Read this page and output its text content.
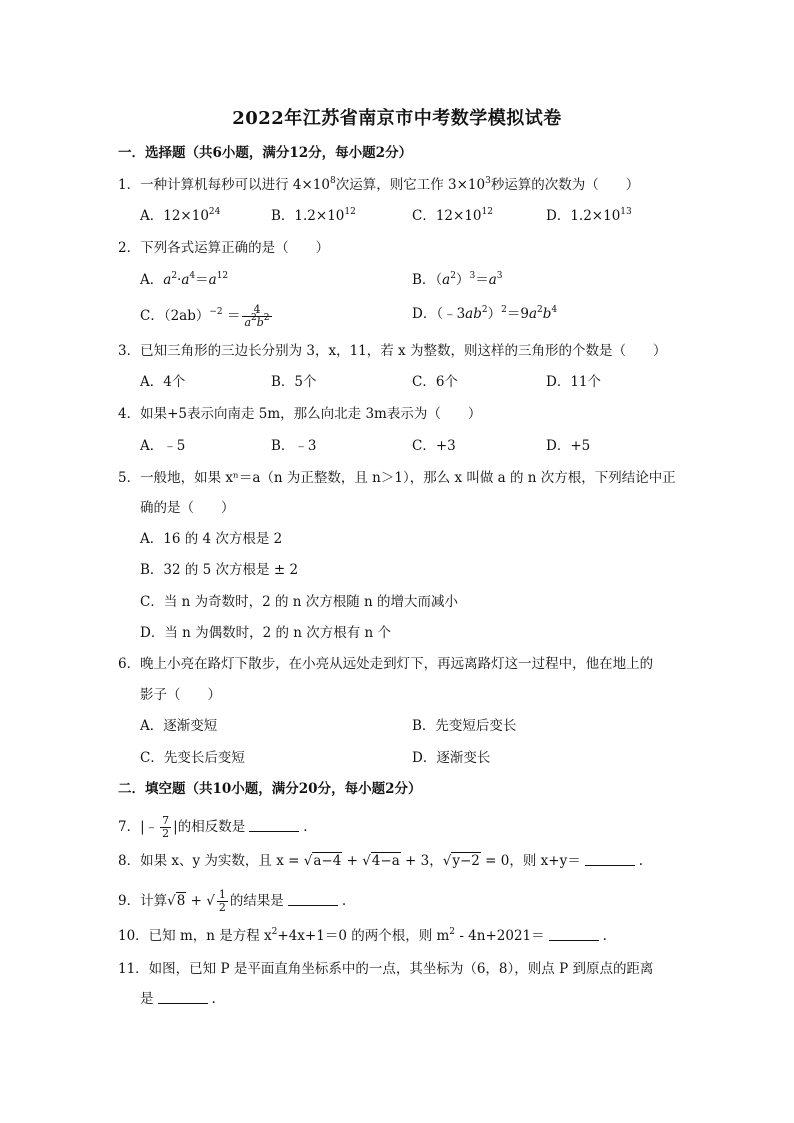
2022年江苏省南京市中考数学模拟试卷
一．选择题（共6小题，满分12分，每小题2分）
1．一种计算机每秒可以进行 $4\times 10^8$次运算，则它工作 $3\times 10^3$秒运算的次数为（　　）
A．$12\times 10^{24}$	B．$1.2\times 10^{12}$	C．$12\times 10^{12}$	D．$1.2\times 10^{13}$
2．下列各式运算正确的是（　　）
A．$a^2\cdot a^4=a^{12}$	B．$(a^2)^3=a^3$
C．$(2ab)^{-2} = \frac{4}{a^2b^2}$	D．$(﹣3ab^2)^2=9a^2b^4$
3．已知三角形的三边长分别为 3，x，11，若 x 为整数，则这样的三角形的个数是（　　）
A．4个	B．5个	C．6个	D．11个
4．如果+5表示向南走 5m，那么向北走 3m表示为（　　）
A．﹣5	B．﹣3	C．+3	D．+5
5．一般地，如果 xⁿ＝a（n 为正整数，且 n＞1），那么 x 叫做 a 的 n 次方根，下列结论中正
确的是（　　）
A．16 的 4 次方根是 2
B．32 的 5 次方根是 ± 2
C．当 n 为奇数时，2 的 n 次方根随 n 的增大而减小
D．当 n 为偶数时，2 的 n 次方根有 n 个
6．晚上小亮在路灯下散步，在小亮从远处走到灯下，再远离路灯这一过程中，他在地上的
影子（　　）
A．逐渐变短	B．先变短后变长
C．先变长后变短	D．逐渐变长
二．填空题（共10小题，满分20分，每小题2分）
7．|﹣ $\frac{7}{2}$ |的相反数是	.
8．如果 x、y 为实数，且 x = √a−4 + √4−a + 3，√y−2 = 0，则 x+y＝	.
9．计算√8 + √ $\frac{1}{2}$ 的结果是	.
10．已知 m，n 是方程 $x^2+4x+1=0$ 的两个根，则 $m^2 - 4n+2021=$	.
11．如图，已知 P 是平面直角坐标系中的一点，其坐标为（6，8），则点 P 到原点的距离
是	.
